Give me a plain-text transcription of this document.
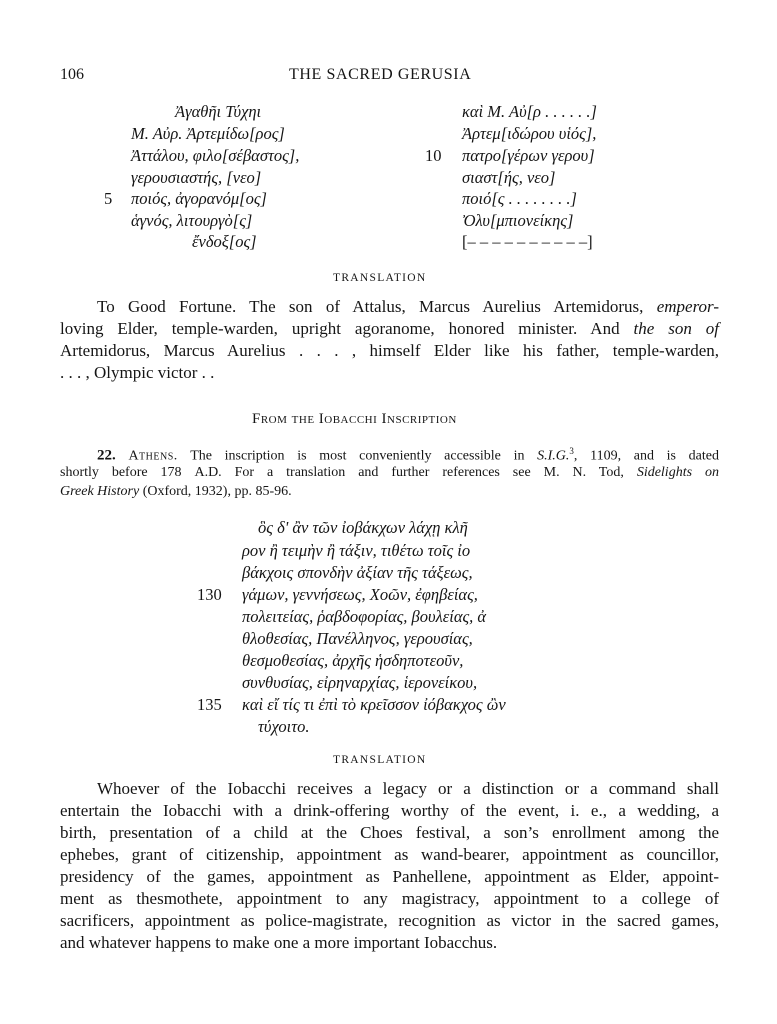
106	THE SACRED GERUSIA
Ἀγαθῆι Τύχηι
Μ. Αὐρ. Ἀρτεμίδω[ρος]
Ἀττάλου, φιλο[σέβαστος],
γερουσιαστής, [νεο]
5 ποιός, ἀγορανόμ[ος]
ἁγνός, λιτουργὸ[ς]
ἔνδοξ[ος]
καὶ Μ. Αὐ[ρ . . . . . .]
Ἀρτεμ[ιδώρου υἱός],
10 πατρο[γέρων γερου]
σιαστ[ής, νεο]
ποιό[ς . . . . . . . .]
Ὀλυ[μπιονείκης]
[– – – – – – – – – –]
TRANSLATION
To Good Fortune. The son of Attalus, Marcus Aurelius Artemidorus, emperor-
loving Elder, temple-warden, upright agoranome, honored minister. And the son of
Artemidorus, Marcus Aurelius . . . , himself Elder like his father, temple-warden,
. . . , Olympic victor . .
From the Iobacchi Inscription
22. Athens. The inscription is most conveniently accessible in S.I.G.$^3$, 1109, and is dated
shortly before 178 A.D. For a translation and further references see M. N. Tod, Sidelights on
Greek History (Oxford, 1932), pp. 85-96.
ὃς δ' ἂν τῶν ἰοβάκχων λάχῃ κλῆ
ρον ἢ τειμὴν ἢ τάξιν, τιθέτω τοῖς ἰο
βάκχοις σπονδὴν ἀξίαν τῆς τάξεως,
130 γάμων, γεννήσεως, Χοῶν, ἐφηβείας,
πολειτείας, ῥαβδοφορίας, βουλείας, ἀ
θλοθεσίας, Πανέλληνος, γερουσίας,
θεσμοθεσίας, ἀρχῆς ἡσδηποτεοῦν,
συνθυσίας, εἰρηναρχίας, ἱερονείκου,
135 καὶ εἴ τίς τι ἐπὶ τὸ κρεῖσσον ἰόβακχος ὢν
τύχοιτο.
TRANSLATION
Whoever of the Iobacchi receives a legacy or a distinction or a command shall
entertain the Iobacchi with a drink-offering worthy of the event, i. e., a wedding, a
birth, presentation of a child at the Choes festival, a son’s enrollment among the
ephebes, grant of citizenship, appointment as wand-bearer, appointment as councillor,
presidency of the games, appointment as Panhellene, appointment as Elder, appoint-
ment as thesmothete, appointment to any magistracy, appointment to a college of
sacrificers, appointment as police-magistrate, recognition as victor in the sacred games,
and whatever happens to make one a more important Iobacchus.
